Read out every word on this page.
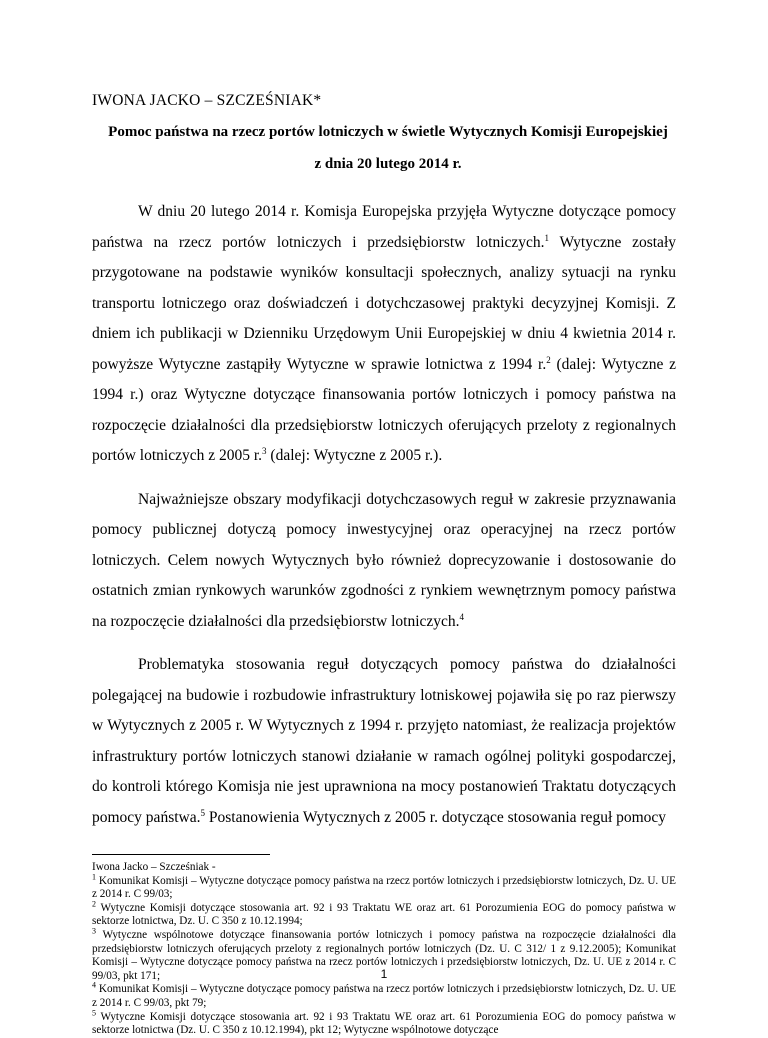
IWONA JACKO – SZCZEŚNIAK*
Pomoc państwa na rzecz portów lotniczych w świetle Wytycznych Komisji Europejskiej
z dnia 20 lutego 2014 r.

W dniu 20 lutego 2014 r. Komisja Europejska przyjęła Wytyczne dotyczące pomocy państwa na rzecz portów lotniczych i przedsiębiorstw lotniczych.$^1$ Wytyczne zostały przygotowane na podstawie wyników konsultacji społecznych, analizy sytuacji na rynku transportu lotniczego oraz doświadczeń i dotychczasowej praktyki decyzyjnej Komisji. Z dniem ich publikacji w Dzienniku Urzędowym Unii Europejskiej w dniu 4 kwietnia 2014 r. powyższe Wytyczne zastąpiły Wytyczne w sprawie lotnictwa z 1994 r.$^2$ (dalej: Wytyczne z 1994 r.) oraz Wytyczne dotyczące finansowania portów lotniczych i pomocy państwa na rozpoczęcie działalności dla przedsiębiorstw lotniczych oferujących przeloty z regionalnych portów lotniczych z 2005 r.$^3$ (dalej: Wytyczne z 2005 r.).

Najważniejsze obszary modyfikacji dotychczasowych reguł w zakresie przyznawania pomocy publicznej dotyczą pomocy inwestycyjnej oraz operacyjnej na rzecz portów lotniczych. Celem nowych Wytycznych było również doprecyzowanie i dostosowanie do ostatnich zmian rynkowych warunków zgodności z rynkiem wewnętrznym pomocy państwa na rozpoczęcie działalności dla przedsiębiorstw lotniczych.$^4$

Problematyka stosowania reguł dotyczących pomocy państwa do działalności polegającej na budowie i rozbudowie infrastruktury lotniskowej pojawiła się po raz pierwszy w Wytycznych z 2005 r. W Wytycznych z 1994 r. przyjęto natomiast, że realizacja projektów infrastruktury portów lotniczych stanowi działanie w ramach ogólnej polityki gospodarczej, do kontroli którego Komisja nie jest uprawniona na mocy postanowień Traktatu dotyczących pomocy państwa.$^5$ Postanowienia Wytycznych z 2005 r. dotyczące stosowania reguł pomocy

Iwona Jacko – Szcześniak -
$^1$ Komunikat Komisji – Wytyczne dotyczące pomocy państwa na rzecz portów lotniczych i przedsiębiorstw lotniczych, Dz. U. UE z 2014 r. C 99/03;
$^2$ Wytyczne Komisji dotyczące stosowania art. 92 i 93 Traktatu WE oraz art. 61 Porozumienia EOG do pomocy państwa w sektorze lotnictwa, Dz. U. C 350 z 10.12.1994;
$^3$ Wytyczne wspólnotowe dotyczące finansowania portów lotniczych i pomocy państwa na rozpoczęcie działalności dla przedsiębiorstw lotniczych oferujących przeloty z regionalnych portów lotniczych (Dz. U. C 312/ 1 z 9.12.2005); Komunikat Komisji – Wytyczne dotyczące pomocy państwa na rzecz portów lotniczych i przedsiębiorstw lotniczych, Dz. U. UE z 2014 r. C 99/03, pkt 171;
$^4$ Komunikat Komisji – Wytyczne dotyczące pomocy państwa na rzecz portów lotniczych i przedsiębiorstw lotniczych, Dz. U. UE z 2014 r. C 99/03, pkt 79;
$^5$ Wytyczne Komisji dotyczące stosowania art. 92 i 93 Traktatu WE oraz art. 61 Porozumienia EOG do pomocy państwa w sektorze lotnictwa (Dz. U. C 350 z 10.12.1994), pkt 12; Wytyczne wspólnotowe dotyczące
1
